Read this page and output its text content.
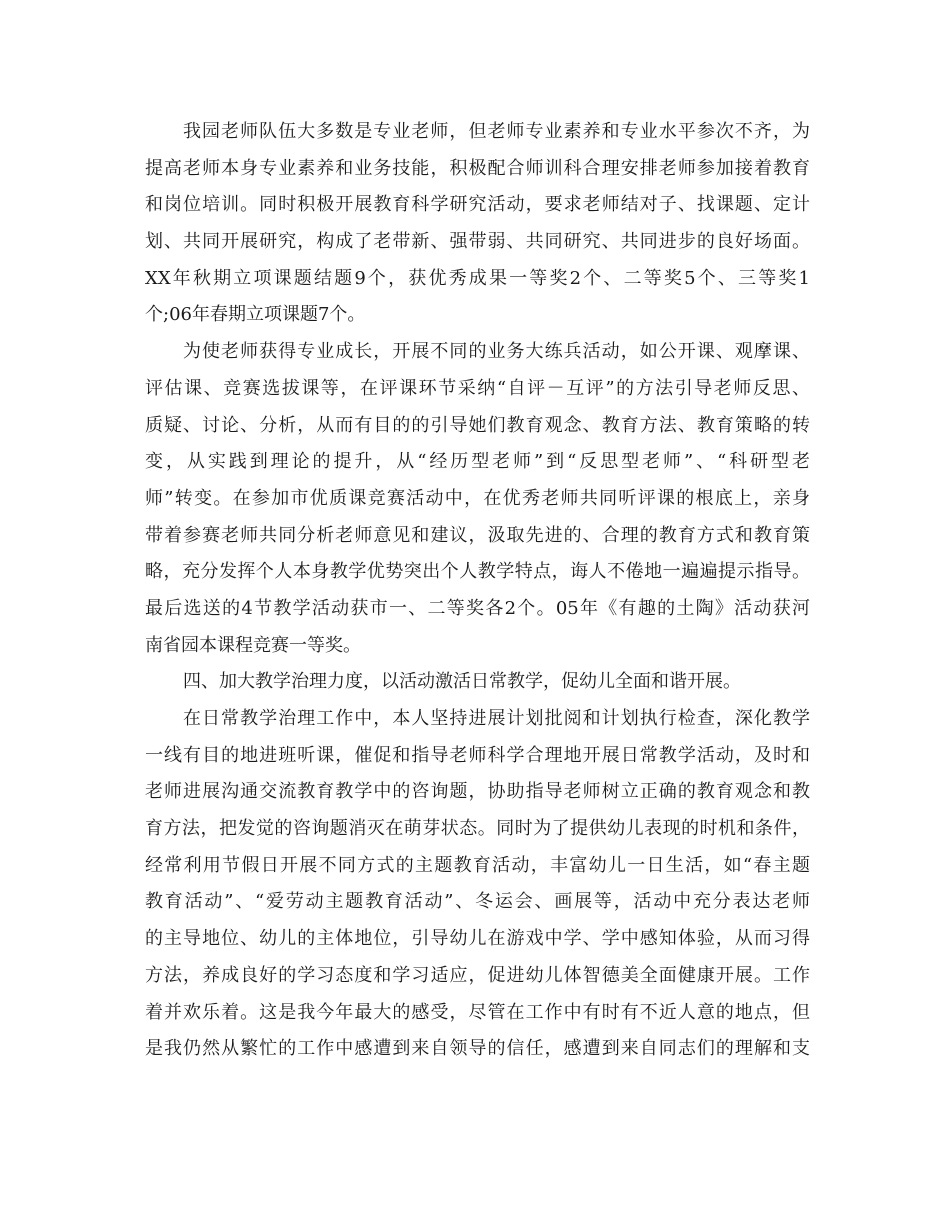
我园老师队伍大多数是专业老师，但老师专业素养和专业水平参次不齐，为
提高老师本身专业素养和业务技能，积极配合师训科合理安排老师参加接着教育
和岗位培训。同时积极开展教育科学研究活动，要求老师结对子、找课题、定计
划、共同开展研究，构成了老带新、强带弱、共同研究、共同进步的良好场面。
XX年秋期立项课题结题9个，获优秀成果一等奖2个、二等奖5个、三等奖1
个;06年春期立项课题7个。
为使老师获得专业成长，开展不同的业务大练兵活动，如公开课、观摩课、
评估课、竞赛选拔课等，在评课环节采纳“自评－互评”的方法引导老师反思、
质疑、讨论、分析，从而有目的的引导她们教育观念、教育方法、教育策略的转
变，从实践到理论的提升，从“经历型老师”到“反思型老师”、“科研型老
师”转变。在参加市优质课竞赛活动中，在优秀老师共同听评课的根底上，亲身
带着参赛老师共同分析老师意见和建议，汲取先进的、合理的教育方式和教育策
略，充分发挥个人本身教学优势突出个人教学特点，诲人不倦地一遍遍提示指导。
最后选送的4节教学活动获市一、二等奖各2个。05年《有趣的土陶》活动获河
南省园本课程竞赛一等奖。
四、加大教学治理力度，以活动激活日常教学，促幼儿全面和谐开展。
在日常教学治理工作中，本人坚持进展计划批阅和计划执行检查，深化教学
一线有目的地进班听课，催促和指导老师科学合理地开展日常教学活动，及时和
老师进展沟通交流教育教学中的咨询题，协助指导老师树立正确的教育观念和教
育方法，把发觉的咨询题消灭在萌芽状态。同时为了提供幼儿表现的时机和条件，
经常利用节假日开展不同方式的主题教育活动，丰富幼儿一日生活，如“春主题
教育活动”、“爱劳动主题教育活动”、冬运会、画展等，活动中充分表达老师
的主导地位、幼儿的主体地位，引导幼儿在游戏中学、学中感知体验，从而习得
方法，养成良好的学习态度和学习适应，促进幼儿体智德美全面健康开展。工作
着并欢乐着。这是我今年最大的感受，尽管在工作中有时有不近人意的地点，但
是我仍然从繁忙的工作中感遭到来自领导的信任，感遭到来自同志们的理解和支
